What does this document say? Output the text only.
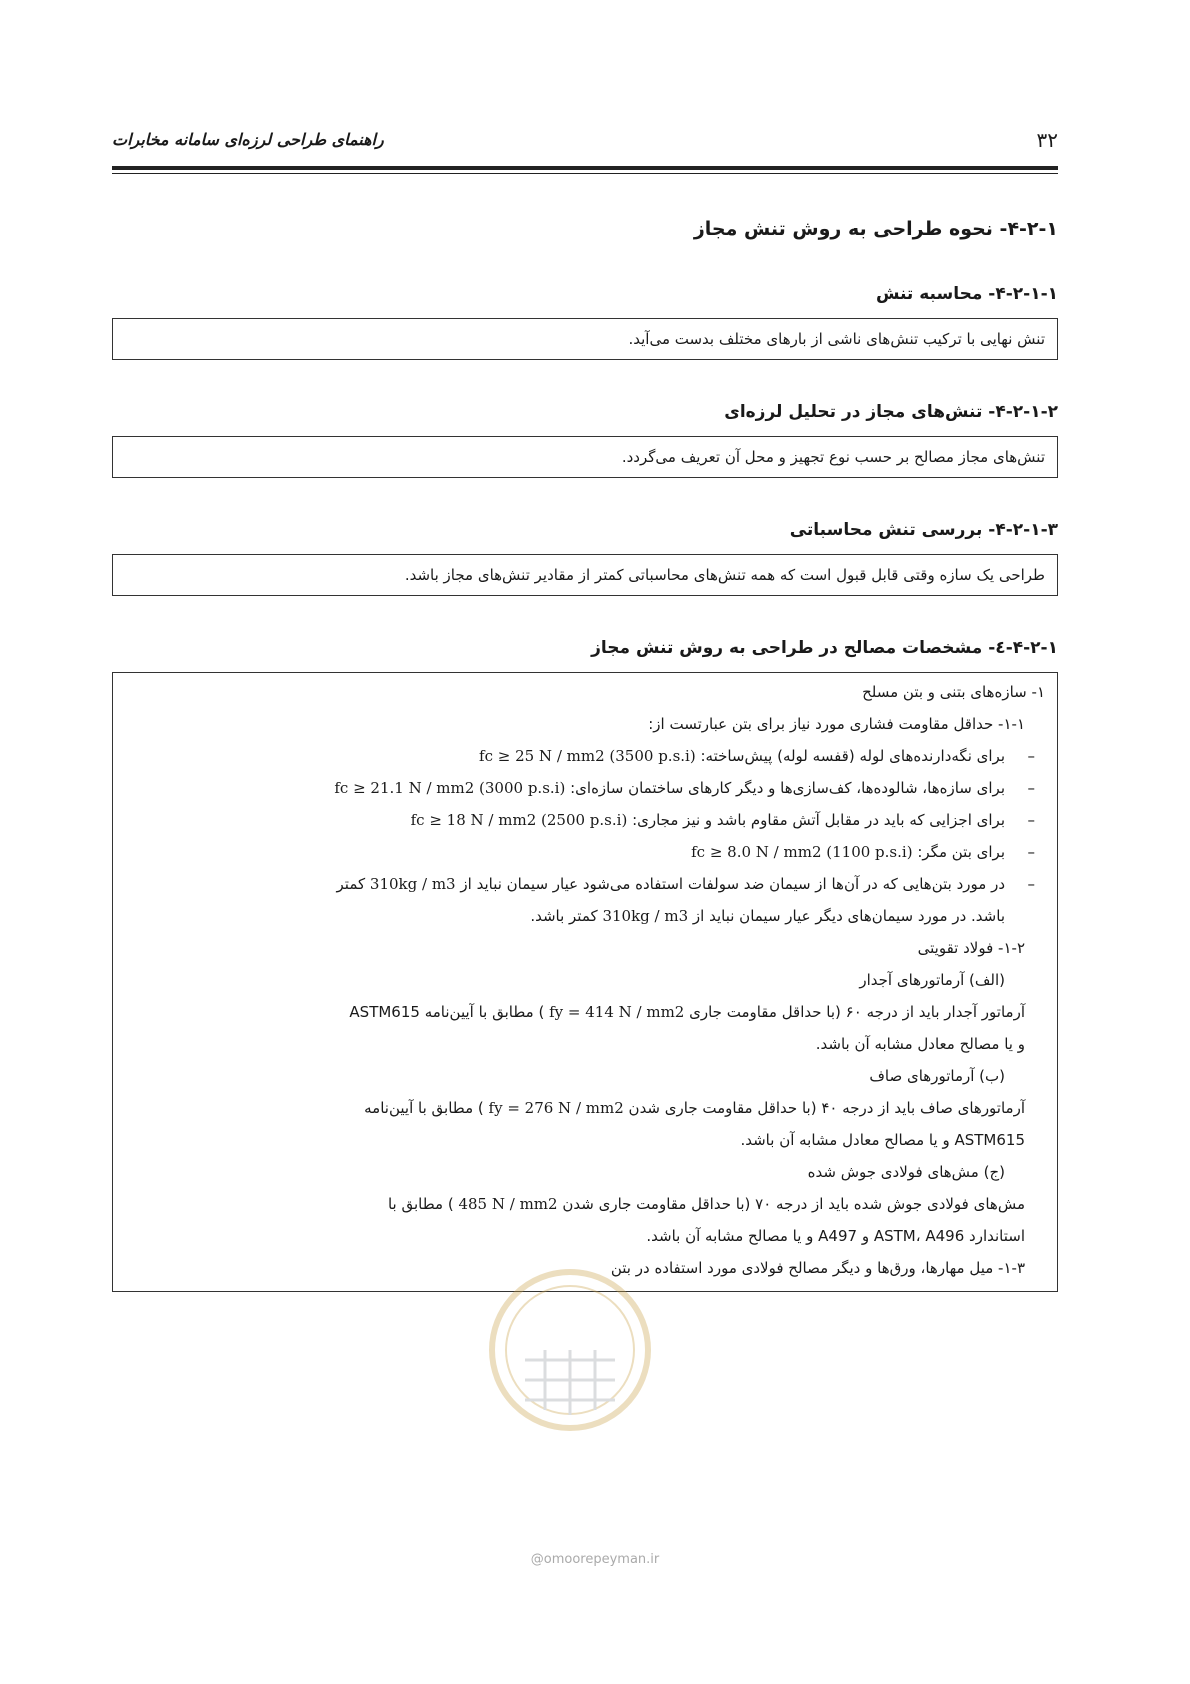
۳۲
راهنمای طراحی لرزه‌ای سامانه مخابرات

۴-۲-۱- نحوه طراحی به روش تنش مجاز

۴-۲-۱-۱- محاسبه تنش

تنش نهایی با ترکیب تنش‌های ناشی از بارهای مختلف بدست می‌آید.

۴-۲-۱-۲- تنش‌های مجاز در تحلیل لرزه‌ای

تنش‌های مجاز مصالح بر حسب نوع تجهیز و محل آن تعریف می‌گردد.

۴-۲-۱-۳- بررسی تنش محاسباتی

طراحی یک سازه وقتی قابل قبول است که همه تنش‌های محاسباتی کمتر از مقادیر تنش‌های مجاز باشد.

۴-۲-۱-٤- مشخصات مصالح در طراحی به روش تنش مجاز

۱- سازه‌های بتنی و بتن مسلح

۱-۱- حداقل مقاومت فشاری مورد نیاز برای بتن عبارتست از:

–
برای نگه‌دارنده‌های لوله (قفسه لوله) پیش‌ساخته: fc ≥ 25 N / mm2 (3500 p.s.i)

–
برای سازه‌ها، شالوده‌ها، کف‌سازی‌ها و دیگر کارهای ساختمان سازه‌ای: fc ≥ 21.1 N / mm2 (3000 p.s.i)

–
برای اجزایی که باید در مقابل آتش مقاوم باشد و نیز مجاری: fc ≥ 18 N / mm2 (2500 p.s.i)

–
برای بتن مگر: fc ≥ 8.0 N / mm2 (1100 p.s.i)

–
در مورد بتن‌هایی که در آن‌ها از سیمان ضد سولفات استفاده می‌شود عیار سیمان نباید از 310kg / m3 کمتر

باشد. در مورد سیمان‌های دیگر عیار سیمان نباید از 310kg / m3 کمتر باشد.

۱-۲- فولاد تقویتی

(الف) آرماتورهای آجدار

آرماتور آجدار باید از درجه ۶۰ (با حداقل مقاومت جاری fy = 414 N / mm2 ) مطابق با آیین‌نامه ASTM615

و یا مصالح معادل مشابه آن باشد.

(ب) آرماتورهای صاف

آرماتورهای صاف باید از درجه ۴۰ (با حداقل مقاومت جاری شدن fy = 276 N / mm2 ) مطابق با آیین‌نامه

ASTM615 و یا مصالح معادل مشابه آن باشد.

(ج) مش‌های فولادی جوش شده

مش‌های فولادی جوش شده باید از درجه ۷۰ (با حداقل مقاومت جاری شدن 485 N / mm2 ) مطابق با

استاندارد ASTM، A496 و A497 و یا مصالح مشابه آن باشد.

۱-۳- میل مهارها، ورق‌ها و دیگر مصالح فولادی مورد استفاده در بتن

@omoorepeyman.ir
